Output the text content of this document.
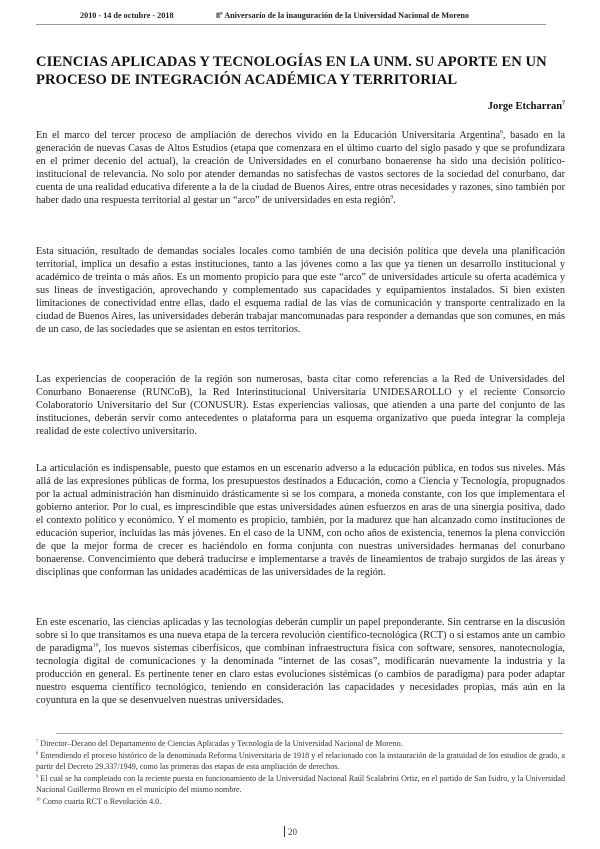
2010 - 14 de octubre - 2018	8$^o$ Aniversario de la inauguración de la Universidad Nacional de Moreno
CIENCIAS APLICADAS Y TECNOLOGÍAS EN LA UNM. SU APORTE EN UN PROCESO DE INTEGRACIÓN ACADÉMICA Y TERRITORIAL
Jorge Etcharran$^7$

En el marco del tercer proceso de ampliación de derechos vivido en la Educación Universitaria Argentina$^8$, basado en la generación de nuevas Casas de Altos Estudios (etapa que comenzara en el último cuarto del siglo pasado y que se profundizara en el primer decenio del actual), la creación de Universidades en el conurbano bonaerense ha sido una decisión político-institucional de relevancia. No solo por atender demandas no satisfechas de vastos sectores de la sociedad del conurbano, dar cuenta de una realidad educativa diferente a la de la ciudad de Buenos Aires, entre otras necesidades y razones, sino también por haber dado una respuesta territorial al gestar un “arco” de universidades en esta región$^9$.

Esta situación, resultado de demandas sociales locales como también de una decisión política que devela una planificación territorial, implica un desafío a estas instituciones, tanto a las jóvenes como a las que ya tienen un desarrollo institucional y académico de treinta o más años. Es un momento propicio para que este “arco” de universidades articule su oferta académica y sus líneas de investigación, aprovechando y complementado sus capacidades y equipamientos instalados. Si bien existen limitaciones de conectividad entre ellas, dado el esquema radial de las vías de comunicación y transporte centralizado en la ciudad de Buenos Aires, las universidades deberán trabajar mancomunadas para responder a demandas que son comunes, en más de un caso, de las sociedades que se asientan en estos territorios.

Las experiencias de cooperación de la región son numerosas, basta citar como referencias a la Red de Universidades del Conurbano Bonaerense (RUNCoB), la Red Interinstitucional Universitaria UNIDESAROLLO y el reciente Consorcio Colaboratorio Universitario del Sur (CONUSUR). Estas experiencias valiosas, que atienden a una parte del conjunto de las instituciones, deberán servir como antecedentes o plataforma para un esquema organizativo que pueda integrar la compleja realidad de este colectivo universitario.

La articulación es indispensable, puesto que estamos en un escenario adverso a la educación pública, en todos sus niveles. Más allá de las expresiones públicas de forma, los presupuestos destinados a Educación, como a Ciencia y Tecnología, propugnados por la actual administración han disminuido drásticamente si se los compara, a moneda constante, con los que implementara el gobierno anterior. Por lo cual, es imprescindible que estas universidades aúnen esfuerzos en aras de una sinergia positiva, dado el contexto político y económico. Y el momento es propicio, también, por la madurez que han alcanzado como instituciones de educación superior, incluidas las más jóvenes. En el caso de la UNM, con ocho años de existencia, tenemos la plena convicción de que la mejor forma de crecer es haciéndolo en forma conjunta con nuestras universidades hermanas del conurbano bonaerense. Convencimiento que deberá traducirse e implementarse a través de lineamientos de trabajo surgidos de las áreas y disciplinas que conforman las unidades académicas de las universidades de la región.

En este escenario, las ciencias aplicadas y las tecnologías deberán cumplir un papel preponderante. Sin centrarse en la discusión sobre si lo que transitamos es una nueva etapa de la tercera revolución científico-tecnológica (RCT) o si estamos ante un cambio de paradigma$^{10}$, los nuevos sistemas ciberfísicos, que combinan infraestructura física con software, sensores, nanotecnología, tecnología digital de comunicaciones y la denominada “internet de las cosas”, modificarán nuevamente la industria y la producción en general. Es pertinente tener en claro estas evoluciones sistémicas (o cambios de paradigma) para poder adaptar nuestro esquema científico tecnológico, teniendo en consideración las capacidades y necesidades propias, más aún en la coyuntura en la que se desenvuelven nuestras universidades.

$^7$ Director–Decano del Departamento de Ciencias Aplicadas y Tecnología de la Universidad Nacional de Moreno.

$^8$ Entendiendo el proceso histórico de la denominada Reforma Universitaria de 1918 y el relacionado con la instauración de la gratuidad de los estudios de grado, a partir del Decreto 29.337/1949, como las primeras dos etapas de esta ampliación de derechos.

$^9$ El cual se ha completado con la reciente puesta en funcionamiento de la Universidad Nacional Raúl Scalabrini Ortiz, en el partido de San Isidro, y la Universidad Nacional Guillermo Brown en el municipio del mismo nombre.

$^{10}$ Como cuarta RCT o Revolución 4.0.

20
